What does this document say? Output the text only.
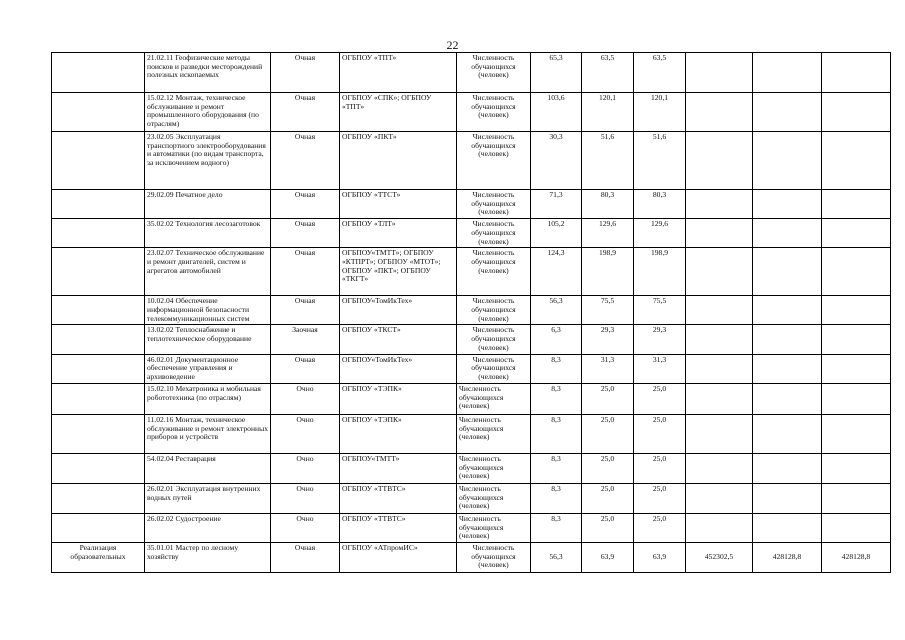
22
	21.02.11 Геофизические методы поисков и разведки месторождений полезных ископаемых	Очная	ОГБПОУ «ТПТ»	Численность обучающихся (человек)	65,3	63,5	63,5			
	15.02.12 Монтаж, техническое обслуживание и ремонт промышленного оборудования (по отраслям)	Очная	ОГБПОУ «СПК»; ОГБПОУ «ТПТ»	Численность обучающихся (человек)	103,6	120,1	120,1			
	23.02.05 Эксплуатация транспортного электрооборудования и автоматики (по видам транспорта, за исключением водного)	Очная	ОГБПОУ «ПКТ»	Численность обучающихся (человек)	30,3	51,6	51,6			
	29.02.09 Печатное дело	Очная	ОГБПОУ «ТТСТ»	Численность обучающихся (человек)	71,3	80,3	80,3			
	35.02.02 Технология лесозаготовок	Очная	ОГБПОУ «ТЛТ»	Численность обучающихся (человек)	105,2	129,6	129,6			
	23.02.07 Техническое обслуживание и ремонт двигателей, систем и агрегатов автомобилей	Очная	ОГБПОУ«ТМТТ»; ОГБПОУ «КТПРТ»; ОГБПОУ «МТОТ»; ОГБПОУ «ПКТ»; ОГБПОУ «ТКГТ»	Численность обучающихся (человек)	124,3	198,9	198,9			
	10.02.04 Обеспечение информационной безопасности телекоммуникационных систем	Очная	ОГБПОУ«ТомИкТех»	Численность обучающихся (человек)	56,3	75,5	75,5			
	13.02.02 Теплоснабжение и теплотехническое оборудование	Заочная	ОГБПОУ «ТКСТ»	Численность обучающихся (человек)	6,3	29,3	29,3			
	46.02.01 Документационное обеспечение управления и архивоведение	Очная	ОГБПОУ«ТомИкТех»	Численность обучающихся (человек)	8,3	31,3	31,3			
	15.02.10 Мехатроника и мобильная робототехника (по отраслям)	Очно	ОГБПОУ «ТЭПК»	Численность обучающихся (человек)	8,3	25,0	25,0			
	11.02.16 Монтаж, техническое обслуживание и ремонт электронных приборов и устройств	Очно	ОГБПОУ «ТЭПК»	Численность обучающихся (человек)	8,3	25,0	25,0			
	54.02.04 Реставрация	Очно	ОГБПОУ«ТМТТ»	Численность обучающихся (человек)	8,3	25,0	25,0			
	26.02.01 Эксплуатация внутренних водных путей	Очно	ОГБПОУ «ТТВТС»	Численность обучающихся (человек)	8,3	25,0	25,0			
	26.02.02 Судостроение	Очно	ОГБПОУ «ТТВТС»	Численность обучающихся (человек)	8,3	25,0	25,0			
Реализация образовательных	35.01.01 Мастер по лесному хозяйству	Очная	ОГБПОУ «АТпромИС»	Численность обучающихся (человек)	56,3	63,9	63,9	452302,5	428128,8	428128,8
